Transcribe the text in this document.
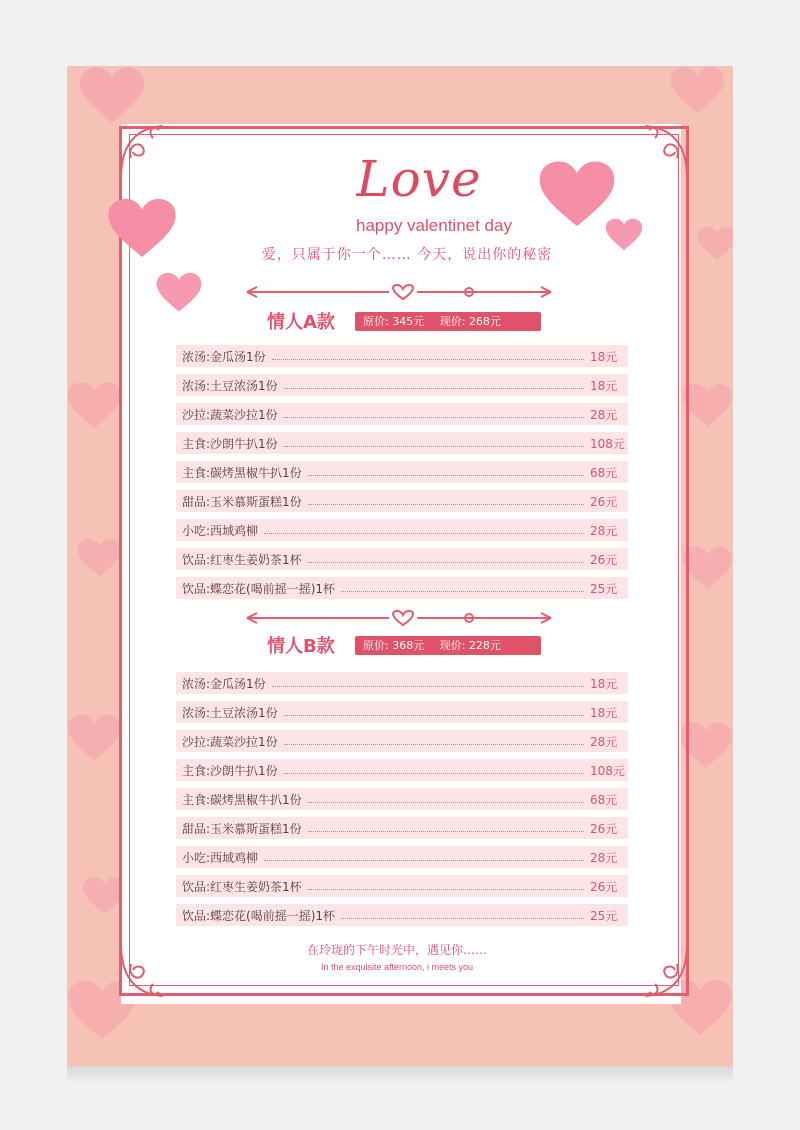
Love
happy valentinet day
爱，只属于你一个…… 今天，说出你的秘密
情人A款	原价: 345元 现价: 268元
浓汤:金瓜汤1份	18元
浓汤:土豆浓汤1份	18元
沙拉:蔬菜沙拉1份	28元
主食:沙朗牛扒1份	108元
主食:碳烤黑椒牛扒1份	68元
甜品:玉米慕斯蛋糕1份	26元
小吃:西域鸡柳	28元
饮品:红枣生姜奶茶1杯	26元
饮品:蝶恋花(喝前摇一摇)1杯	25元
情人B款	原价: 368元 现价: 228元
浓汤:金瓜汤1份	18元
浓汤:土豆浓汤1份	18元
沙拉:蔬菜沙拉1份	28元
主食:沙朗牛扒1份	108元
主食:碳烤黑椒牛扒1份	68元
甜品:玉米慕斯蛋糕1份	26元
小吃:西域鸡柳	28元
饮品:红枣生姜奶茶1杯	26元
饮品:蝶恋花(喝前摇一摇)1杯	25元
在玲珑的下午时光中，遇见你……
In the exquisite afternoon, i meets you
